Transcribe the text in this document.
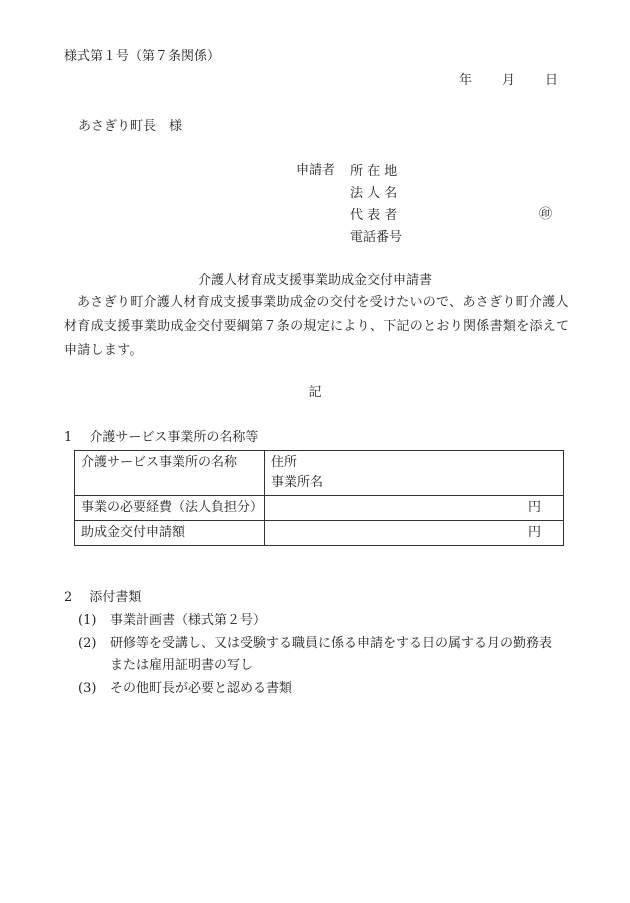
様式第１号（第７条関係）
年 月 日
あさぎり町長　様
申請者 所 在 地
法 人 名
代 表 者
電話番号
㊞
介護人材育成支援事業助成金交付申請書
あさぎり町介護人材育成支援事業助成金の交付を受けたいので、あさぎり町介護人材育成支援事業助成金交付要綱第７条の規定により、下記のとおり関係書類を添えて申請します。
記
1　 介護サービス事業所の名称等
介護サービス事業所の名称	住所
事業所名

事業の必要経費（法人負担分）	円
助成金交付申請額	円
2　 添付書類
(1) 事業計画書（様式第２号）
(2) 研修等を受講し、又は受験する職員に係る申請をする日の属する月の勤務表
または雇用証明書の写し
(3) その他町長が必要と認める書類
